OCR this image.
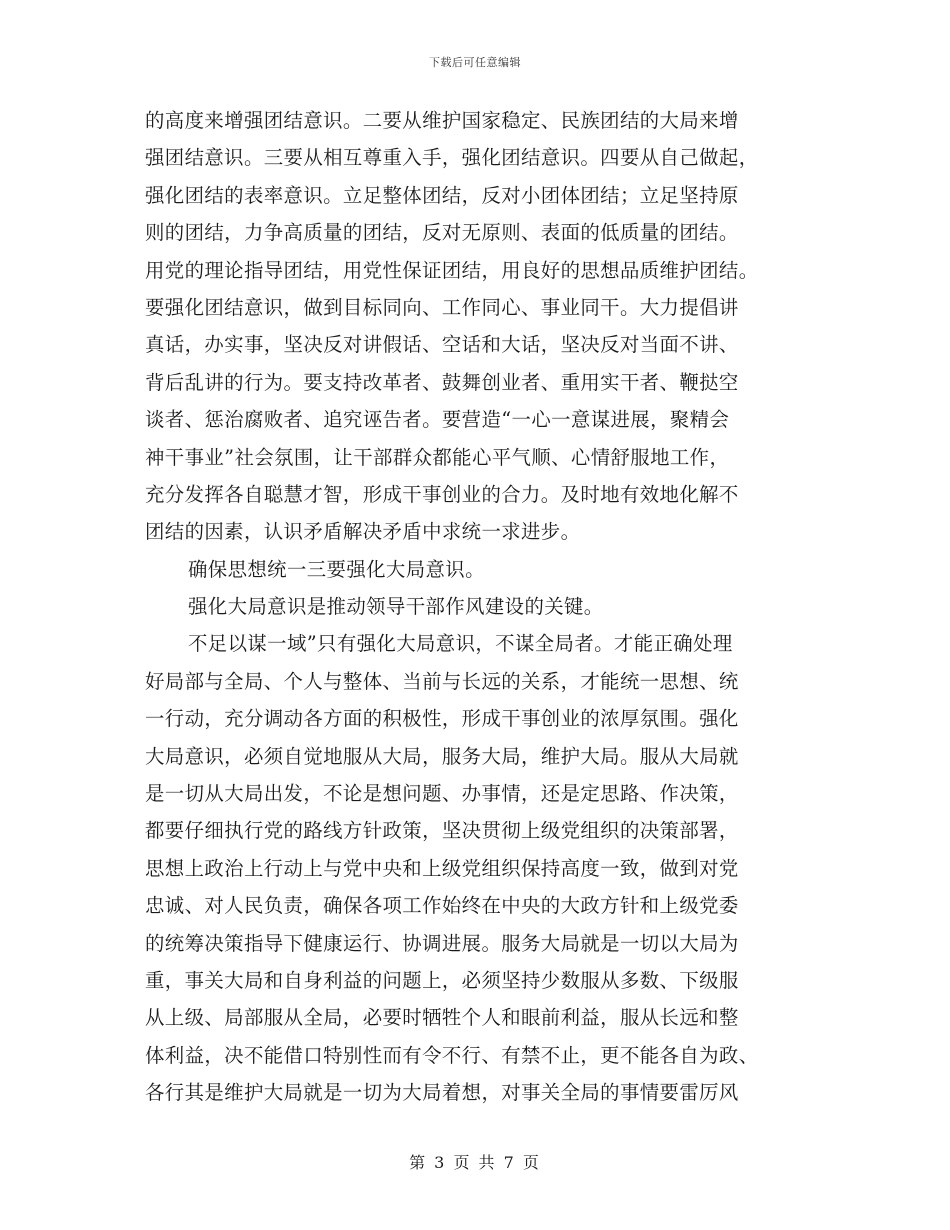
下载后可任意编辑
的高度来增强团结意识。二要从维护国家稳定、民族团结的大局来增
强团结意识。三要从相互尊重入手，强化团结意识。四要从自己做起，
强化团结的表率意识。立足整体团结，反对小团体团结；立足坚持原
则的团结，力争高质量的团结，反对无原则、表面的低质量的团结。
用党的理论指导团结，用党性保证团结，用良好的思想品质维护团结。
要强化团结意识，做到目标同向、工作同心、事业同干。大力提倡讲
真话，办实事，坚决反对讲假话、空话和大话，坚决反对当面不讲、
背后乱讲的行为。要支持改革者、鼓舞创业者、重用实干者、鞭挞空
谈者、惩治腐败者、追究诬告者。要营造“一心一意谋进展，聚精会
神干事业”社会氛围，让干部群众都能心平气顺、心情舒服地工作，
充分发挥各自聪慧才智，形成干事创业的合力。及时地有效地化解不
团结的因素，认识矛盾解决矛盾中求统一求进步。
确保思想统一三要强化大局意识。
强化大局意识是推动领导干部作风建设的关键。
不足以谋一域”只有强化大局意识，不谋全局者。才能正确处理
好局部与全局、个人与整体、当前与长远的关系，才能统一思想、统
一行动，充分调动各方面的积极性，形成干事创业的浓厚氛围。强化
大局意识，必须自觉地服从大局，服务大局，维护大局。服从大局就
是一切从大局出发，不论是想问题、办事情，还是定思路、作决策，
都要仔细执行党的路线方针政策，坚决贯彻上级党组织的决策部署，
思想上政治上行动上与党中央和上级党组织保持高度一致，做到对党
忠诚、对人民负责，确保各项工作始终在中央的大政方针和上级党委
的统筹决策指导下健康运行、协调进展。服务大局就是一切以大局为
重，事关大局和自身利益的问题上，必须坚持少数服从多数、下级服
从上级、局部服从全局，必要时牺牲个人和眼前利益，服从长远和整
体利益，决不能借口特别性而有令不行、有禁不止，更不能各自为政、
各行其是维护大局就是一切为大局着想，对事关全局的事情要雷厉风
第 3 页 共 7 页
